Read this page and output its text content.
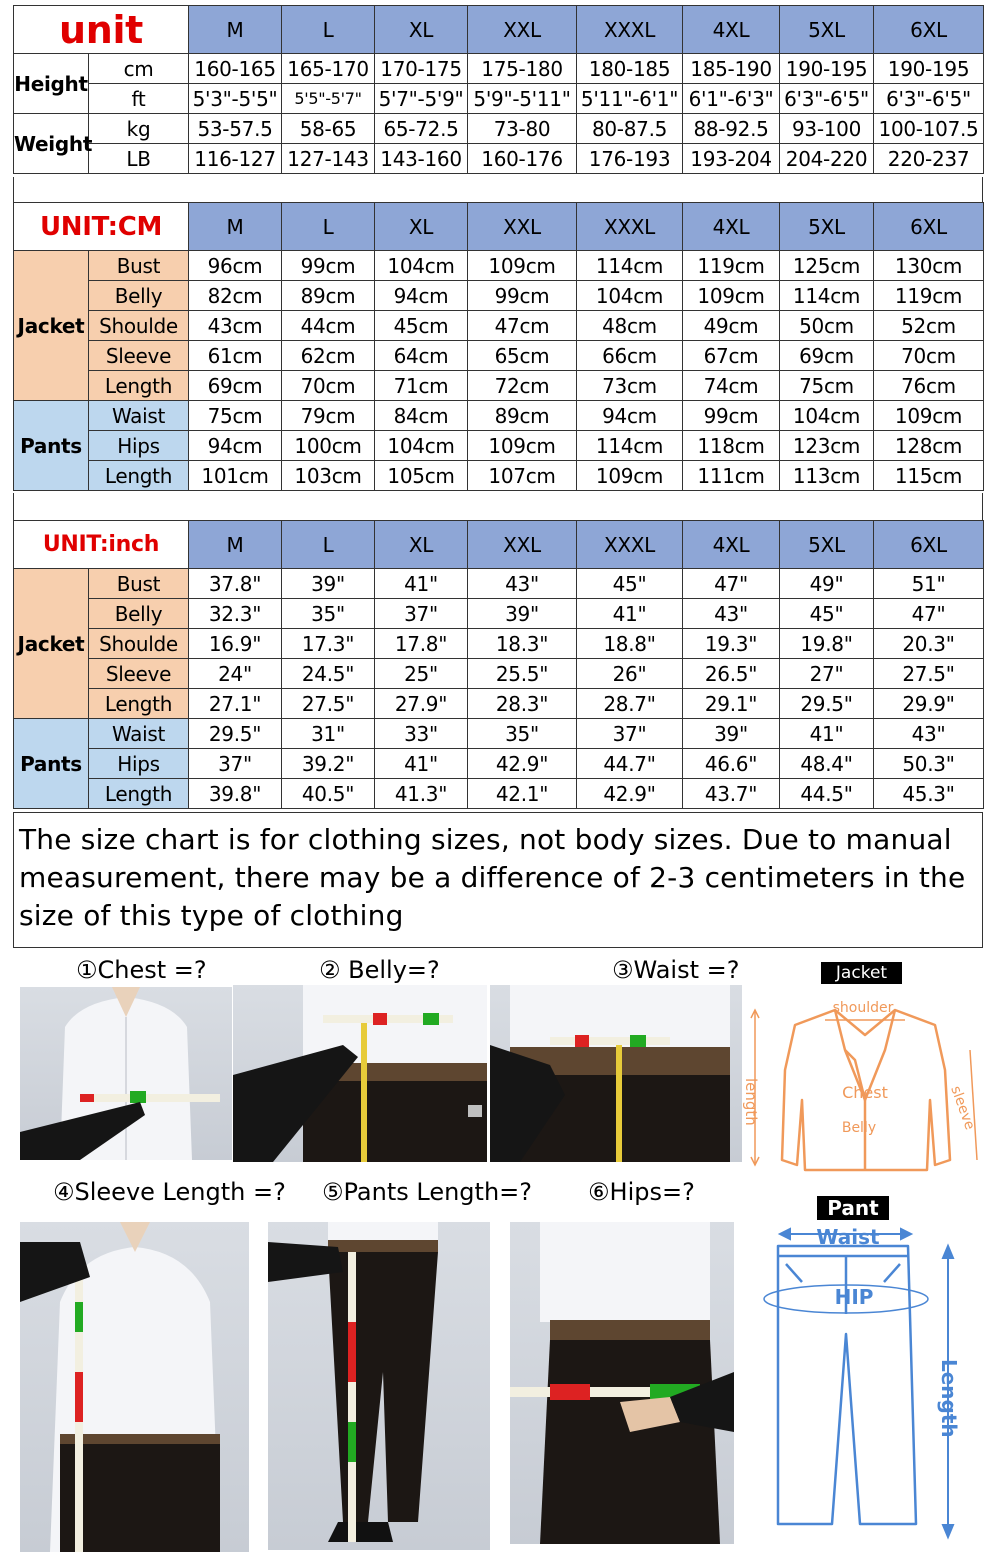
unit		M	L	XL	XXL	XXXL	4XL	5XL	6XL
Height	cm	160-165	165-170	170-175	175-180	180-185	185-190	190-195	190-195
	ft	5'3"-5'5"	5'5"-5'7"	5'7"-5'9"	5'9"-5'11"	5'11"-6'1"	6'1"-6'3"	6'3"-6'5"	6'3"-6'5"
Weight	kg	53-57.5	58-65	65-72.5	73-80	80-87.5	88-92.5	93-100	100-107.5
	LB	116-127	127-143	143-160	160-176	176-193	193-204	204-220	220-237
UNIT:CM		M	L	XL	XXL	XXXL	4XL	5XL	6XL
Jacket	Bust	96cm	99cm	104cm	109cm	114cm	119cm	125cm	130cm
	Belly	82cm	89cm	94cm	99cm	104cm	109cm	114cm	119cm
	Shoulde	43cm	44cm	45cm	47cm	48cm	49cm	50cm	52cm
	Sleeve	61cm	62cm	64cm	65cm	66cm	67cm	69cm	70cm
	Length	69cm	70cm	71cm	72cm	73cm	74cm	75cm	76cm
Pants	Waist	75cm	79cm	84cm	89cm	94cm	99cm	104cm	109cm
	Hips	94cm	100cm	104cm	109cm	114cm	118cm	123cm	128cm
	Length	101cm	103cm	105cm	107cm	109cm	111cm	113cm	115cm
UNIT:inch		M	L	XL	XXL	XXXL	4XL	5XL	6XL
Jacket	Bust	37.8"	39"	41"	43"	45"	47"	49"	51"
	Belly	32.3"	35"	37"	39"	41"	43"	45"	47"
	Shoulde	16.9"	17.3"	17.8"	18.3"	18.8"	19.3"	19.8"	20.3"
	Sleeve	24"	24.5"	25"	25.5"	26"	26.5"	27"	27.5"
	Length	27.1"	27.5"	27.9"	28.3"	28.7"	29.1"	29.5"	29.9"
Pants	Waist	29.5"	31"	33"	35"	37"	39"	41"	43"
	Hips	37"	39.2"	41"	42.9"	44.7"	46.6"	48.4"	50.3"
	Length	39.8"	40.5"	41.3"	42.1"	42.9"	43.7"	44.5"	45.3"
The size chart is for clothing sizes, not body sizes. Due to manual measurement, there may be a difference of 2-3 centimeters in the size of this type of clothing
①Chest =?	② Belly=?	③Waist =?
④Sleeve Length =? ⑤Pants Length=? ⑥Hips=?
Jacket
shoulder
Chest
Belly
length	sleeve
Pant
Waist
HIP
Length
